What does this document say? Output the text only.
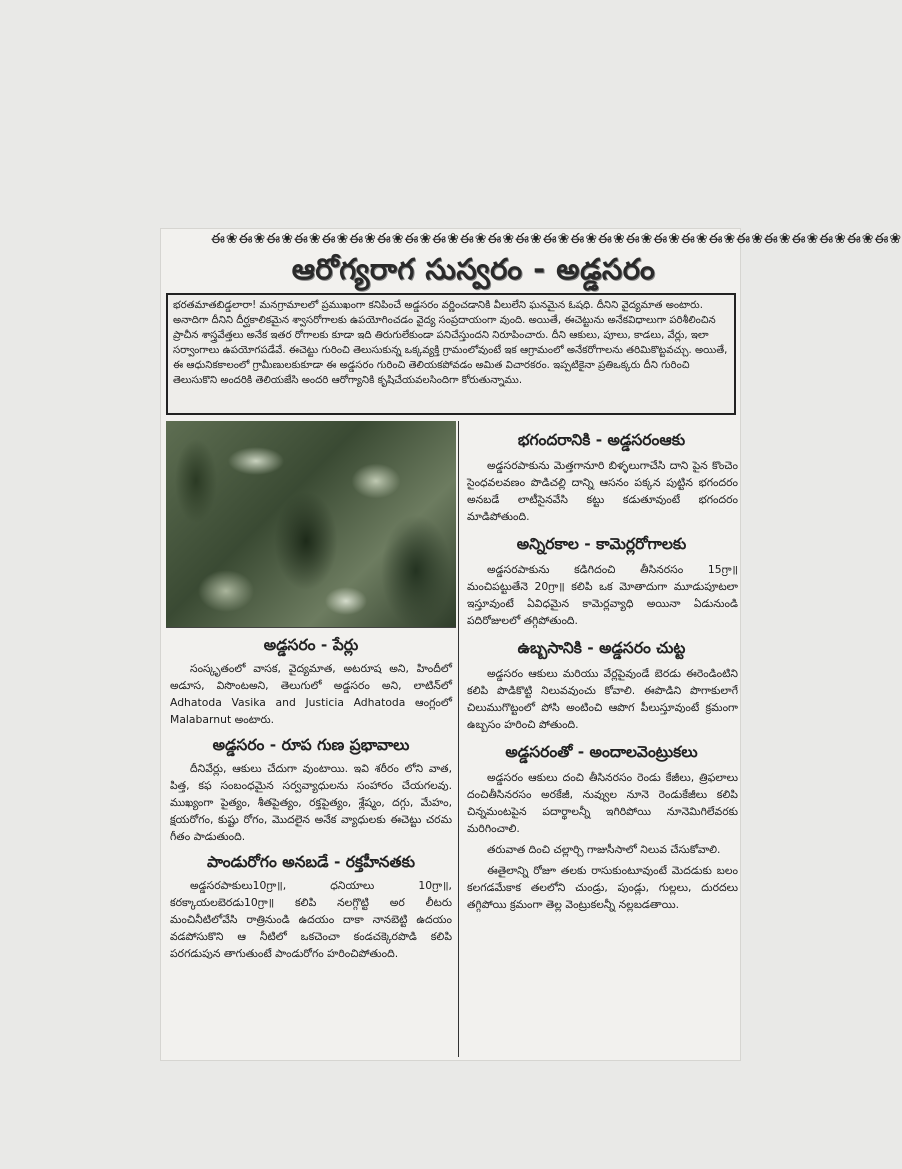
ఈ❀ఈ❀ఈ❀ఈ❀ఈ❀ఈ❀ఈ❀ఈ❀ఈ❀ఈ❀ఈ❀ఈ❀ఈ❀ఈ❀ఈ❀ఈ❀ఈ❀ఈ❀ఈ❀ఈ❀ఈ❀ఈ❀ఈ❀ఈ❀ఈ❀
ఆరోగ్యరాగ సుస్వరం - అడ్డసరం
భరతమాతబిడ్డలారా! మనగ్రామాలలో ప్రముఖంగా కనిపించే అడ్డసరం వర్ణించడానికి వీలులేని ఘనమైన ఓషధి. దీనిని వైద్యమాత అంటారు. అనాదిగా దీనిని దీర్ఘకాలికమైన శ్వాసరోగాలకు ఉపయోగించడం వైద్య సంప్రదాయంగా వుంది. అయితే, ఈచెట్టును అనేకవిధాలుగా పరిశీలించిన ప్రాచీన శాస్త్రవేత్తలు అనేక ఇతర రోగాలకు కూడా ఇది తిరుగులేకుండా పనిచేస్తుందని నిరూపించారు. దీని ఆకులు, పూలు, కాడలు, వేర్లు, ఇలా సర్వాంగాలు ఉపయోగపడేవే. ఈచెట్టు గురించి తెలుసుకున్న ఒక్కవ్యక్తి గ్రామంలోవుంటే ఇక ఆగ్రామంలో అనేకరోగాలను తరిమికొట్టవచ్చు. అయితే, ఈ ఆధునికకాలంలో గ్రామీణులకుకూడా ఈ అడ్డసరం గురించి తెలియకపోవడం అమిత విచారకరం. ఇప్పటికైనా ప్రతిఒక్కరు దీని గురించి తెలుసుకొని అందరికి తెలియజేసి అందరి ఆరోగ్యానికి కృషిచేయవలసిందిగా కోరుతున్నాము.
అడ్డసరం - పేర్లు

సంస్కృతంలో వాసక, వైద్యమాత, అటరూష అని, హిందీలో అడూస, విసొంటఅని, తెలుగులో అడ్డసరం అని, లాటిన్‌లో Adhatoda Vasika and Justicia Adhatoda ఆంగ్లంలో Malabarnut అంటారు.

అడ్డసరం - రూప గుణ ప్రభావాలు

దీనివేర్లు, ఆకులు చేదుగా వుంటాయి. ఇవి శరీరం లోని వాత, పిత్త, కఫ సంబంధమైన సర్వవ్యాధులను సంహారం చేయగలవు. ముఖ్యంగా పైత్యం, శీతపైత్యం, రక్తపైత్యం, శ్లేష్మం, దగ్గు, మేహం, క్షయరోగం, కుష్టు రోగం, మొదలైన అనేక వ్యాధులకు ఈచెట్టు చరమ గీతం పాడుతుంది.

పాండురోగం అనబడే - రక్తహీనతకు

అడ్డసరపాకులు10గ్రా॥, ధనియాలు 10గ్రా॥, కరక్కాయలబెరడు10గ్రా॥ కలిపి నలగ్గొట్టి అర లీటరు మంచినీటిలోవేసి రాత్రినుండి ఉదయం దాకా నానబెట్టి ఉదయం వడపోసుకొని ఆ నీటిలో ఒకచెంచా కండచక్కెరపొడి కలిపి పరగడుపున తాగుతుంటే పాండురోగం హరించిపోతుంది.

భగందరానికి - అడ్డసరంఆకు

అడ్డసరపాకును మెత్తగానూరి బిళ్ళలుగాచేసి దాని పైన కొంచెం సైంధవలవణం పొడిచల్లి దాన్ని ఆసనం పక్కన పుట్టిన భగందరం అనబడే లాటీసైనవేసి కట్టు కడుతూవుంటే భగందరం మాడిపోతుంది.

అన్నిరకాల - కామెర్లరోగాలకు

అడ్డసరపాకును కడిగిదంచి తీసినరసం 15గ్రా॥ మంచిపట్టుతేనె 20గ్రా॥ కలిపి ఒక మోతాదుగా మూడుపూటలా ఇస్తూవుంటే ఏవిధమైన కామెర్లవ్యాధి అయినా ఏడునుండి పదిరోజులలో తగ్గిపోతుంది.

ఉబ్బసానికి - అడ్డసరం చుట్ట

అడ్డసరం ఆకులు మరియు వేర్లపైవుండే బెరడు ఈరెండింటిని కలిపి పొడికొట్టి నిలువవుంచు కోవాలి. ఈపొడిని పొగాకులాగే చిలుముగొట్టంలో పోసి అంటించి ఆపొగ పీలుస్తూవుంటే క్రమంగా ఉబ్బసం హరించి పోతుంది.

అడ్డసరంతో - అందాలవెంట్రుకలు

అడ్డసరం ఆకులు దంచి తీసినరసం రెండు కేజీలు, త్రిఫలాలు దంచితీసినరసం అరకేజీ, నువ్వుల నూనె రెండుకేజీలు కలిపి చిన్నమంటపైన పదార్థాలన్నీ ఇగిరిపోయి నూనెమిగిలేవరకు మరిగించాలి.

తరువాత దించి చల్లార్చి గాజుసీసాలో నిలువ చేసుకోవాలి.

ఈతైలాన్ని రోజూ తలకు రాసుకుంటూవుంటే మెదడుకు బలం కలగడమేకాక తలలోని చుండ్రు, పుండ్లు, గుల్లలు, దురదలు తగ్గిపోయి క్రమంగా తెల్ల వెంట్రుకలన్నీ నల్లబడతాయి.
